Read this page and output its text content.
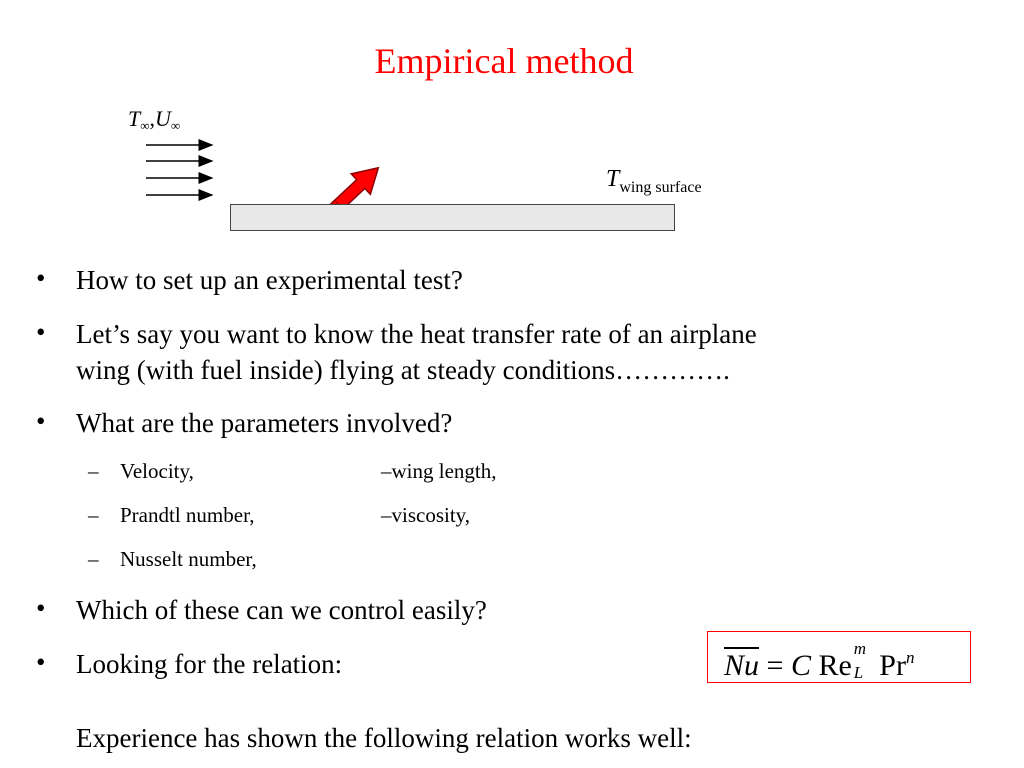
Empirical method
$T_\infty,U_\infty$
$T_{wing surface}$
• How to set up an experimental test?
• Let’s say you want to know the heat transfer rate of an airplane
wing (with fuel inside) flying at steady conditions………….
• What are the parameters involved?
– Velocity,	–wing length,
– Prandtl number,	–viscosity,
– Nusselt number,
• Which of these can we control easily?
• Looking for the relation:
Experience has shown the following relation works well:
$\overline{Nu} = C$ Re
m
L Pr$^n$
